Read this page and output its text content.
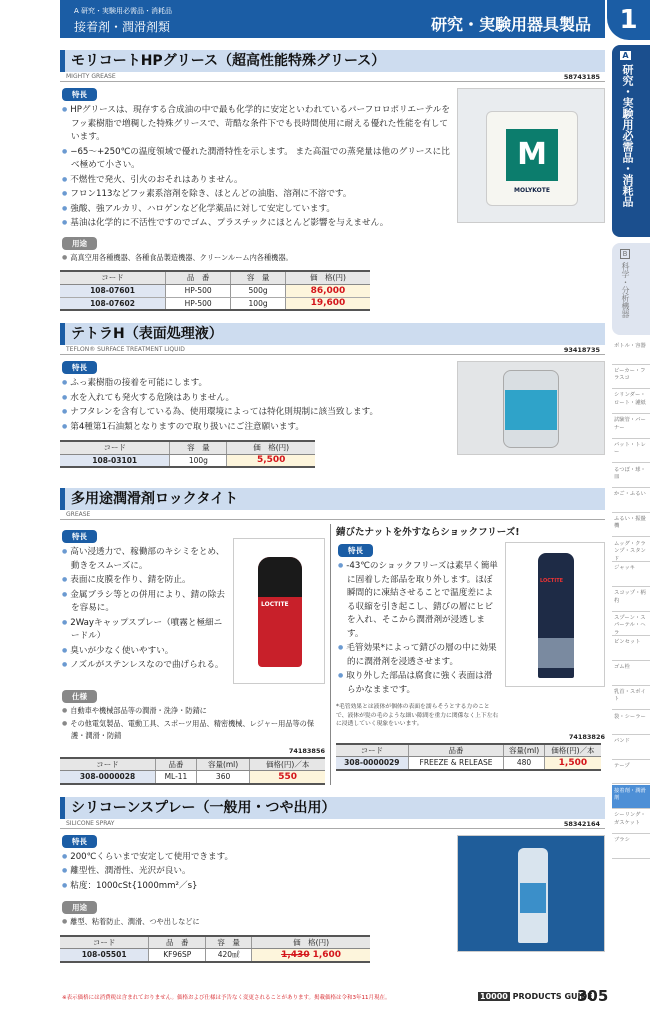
1
A 研究・実験用必需品・消耗品
接着剤・潤滑剤類	研究・実験用器具製品
モリコートHPグリース（超高性能特殊グリース）
MIGHTY GREASE	58743185
特長
● HPグリースは、現存する合成油の中で最も化学的に安定といわれているパーフロロポリエーテルをフッ素樹脂で増稠した特殊グリースで、苛酷な条件下でも長時間使用に耐える優れた性能を有しています。
● −65〜+250℃の温度領域で優れた潤滑特性を示します。 また高温での蒸発量は他のグリースに比べ極めて小さい。
● 不燃性で発火、引火のおそれはありません。
● フロン113などフッ素系溶剤を除き、ほとんどの油脂、溶剤に不溶です。
● 強酸、強アルカリ、ハロゲンなど化学薬品に対して安定しています。
● 基油は化学的に不活性ですのでゴム、プラスチックにほとんど影響を与えません。
用途
● 高真空用各種機器、各種食品製造機器、クリーンルーム内各種機器。
コード	品　番	容　量	価　格(円)
108-07601	HP-500	500g	86,000
108-07602	HP-500	100g	19,600
M
MOLYKOTE
テトラH（表面処理液）
TEFLON® SURFACE TREATMENT LIQUID	93418735
特長
● ふっ素樹脂の接着を可能にします。
● 水を入れても発火する危険はありません。
● ナフタレンを含有している為、使用環境によっては特化則規制に該当致します。
● 第4種第1石油類となりますので取り扱いにご注意願います。
コード	容　量	価　格(円)
108-03101	100g	5,500
多用途潤滑剤ロックタイト
GREASE
特長
● 高い浸透力で、稼働部のキシミをとめ、動きをスムーズに。
● 表面に皮膜を作り、錆を防止。
● 金属ブラシ等との併用により、錆の除去を容易に。
● 2Wayキャップスプレー（噴霧と極細ニードル）
● 臭いが少なく使いやすい。
● ノズルがステンレスなので曲げられる。
LOCTITE
仕様
● 自動車や機械部品等の潤滑・洗浄・防錆に
● その他電気製品、電動工具、スポーツ用品、精密機械、レジャー用品等の保護・潤滑・防錆
74183856
コード	品番	容量(ml)	価格(円)／本
308-0000028	ML-11	360	550
錆びたナットを外すならショックフリーズ!
特長
● -43℃のショックフリーズは素早く簡単に固着した部品を取り外します。ほぼ瞬間的に凍結させることで温度差による収縮を引き起こし、錆びの層にヒビを入れ、そこから潤滑剤が浸透します。
● 毛管効果*によって錆びの層の中に効果的に潤滑剤を浸透させます。
● 取り外した部品は腐食に強く表面は滑らかなままです。
*毛管効果とは液体が個体の表面を濡らそうとする力のことで、液体が髪の毛のような細い隙間を重力に関係なく上下左右に浸透していく現象をいいます。
LOCTITE
74183826
コード	品番	容量(ml)	価格(円)／本
308-0000029	FREEZE & RELEASE	480	1,500
シリコーンスプレー（一般用・つや出用）
SILICONE SPRAY	58342164
特長
● 200℃くらいまで安定して使用できます。
● 離型性、潤滑性、光沢が良い。
● 粘度：1000cSt{1000mm²／s}
用途
● 離型、粘着防止、潤滑、つや出しなどに
コード	品　番	容　量	価　格(円)
108-05501	KF96SP	420㎖	1,430 1,600
※表示価格には消費税は含まれておりません。価格および仕様は予告なく変更されることがあります。掲載価格は令和3年11月現在。	10000 PRODUCTS GUIDE
305
A
研究・実験用必需品・消耗品
B
科学・分析機器
ボトル・容器
ビーカー・フラスコ
シリンダー・ロート・濾紙
試験管・バーナー
バット・トレー
るつぼ・球・皿
かご・ふるい
ふるい・振盪機
ムッグ・クランプ・スタンド
ジャッキ
スコップ・柄杓
スプーン・スパーテル・ヘラ
ピンセット
ゴム栓
乳首・スポイト
袋・シーラー
バンド
テープ
接着剤・潤滑剤
シーリング・ガスケット
ブラシ
